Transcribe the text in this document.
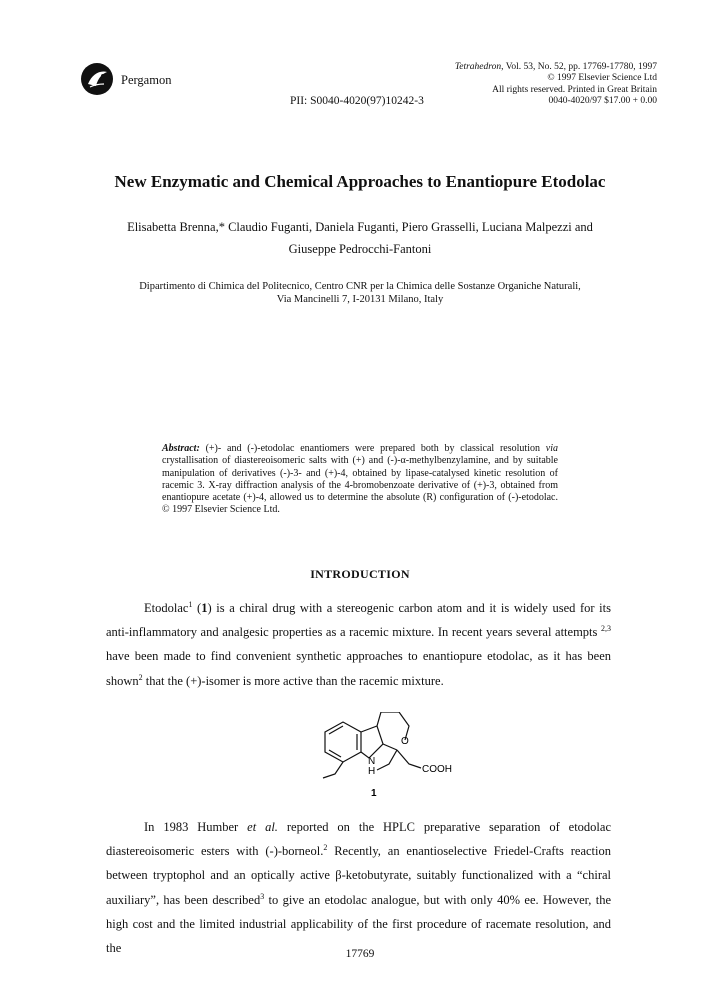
Pergamon
Tetrahedron, Vol. 53, No. 52, pp. 17769-17780, 1997
© 1997 Elsevier Science Ltd
All rights reserved. Printed in Great Britain
0040-4020/97 $17.00 + 0.00
PII: S0040-4020(97)10242-3
New Enzymatic and Chemical Approaches to Enantiopure Etodolac
Elisabetta Brenna,* Claudio Fuganti, Daniela Fuganti, Piero Grasselli, Luciana Malpezzi and
Giuseppe Pedrocchi-Fantoni
Dipartimento di Chimica del Politecnico, Centro CNR per la Chimica delle Sostanze Organiche Naturali,
Via Mancinelli 7, I-20131 Milano, Italy
Abstract: (+)- and (-)-etodolac enantiomers were prepared both by classical resolution via crystallisation of diastereoisomeric salts with (+) and (-)-α-methylbenzylamine, and by suitable manipulation of derivatives (-)-3- and (+)-4, obtained by lipase-catalysed kinetic resolution of racemic 3. X-ray diffraction analysis of the 4-bromobenzoate derivative of (+)-3, obtained from enantiopure acetate (+)-4, allowed us to determine the absolute (R) configuration of (-)-etodolac. © 1997 Elsevier Science Ltd.
INTRODUCTION
Etodolac$^1$ (1) is a chiral drug with a stereogenic carbon atom and it is widely used for its anti-inflammatory and analgesic properties as a racemic mixture. In recent years several attempts $^{2,3}$ have been made to find convenient synthetic approaches to enantiopure etodolac, as it has been shown$^2$ that the (+)-isomer is more active than the racemic mixture.
N
H
O
COOH
1
In 1983 Humber et al. reported on the HPLC preparative separation of etodolac diastereoisomeric esters with (-)-borneol.$^2$ Recently, an enantioselective Friedel-Crafts reaction between tryptophol and an optically active β-ketobutyrate, suitably functionalized with a “chiral auxiliary”, has been described$^3$ to give an etodolac analogue, but with only 40% ee. However, the high cost and the limited industrial applicability of the first procedure of racemate resolution, and the	17769
